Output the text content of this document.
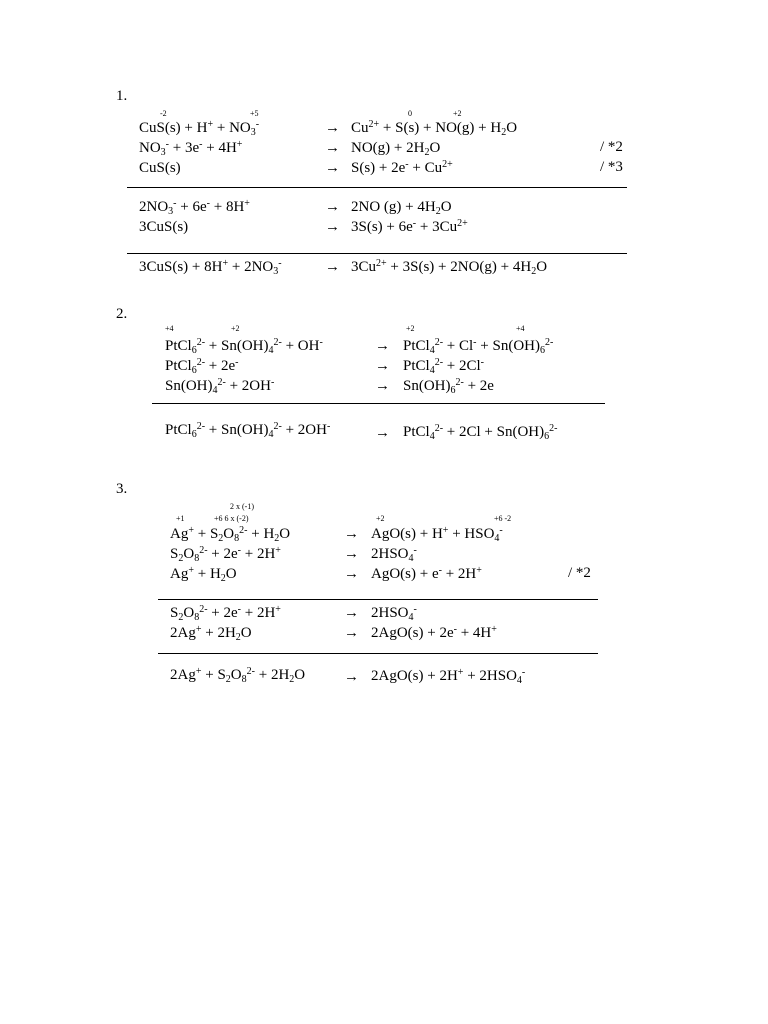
1.
-2	+5	0	+2
$CuS(s) + H^+ + NO_3^-$	→ $Cu^{2+} + S(s) + NO(g) + H_2O$
$NO_3^- + 3e^- + 4H^+$	→ $NO(g) + 2H_2O$	/ *2
CuS(s)	→ $S(s) + 2e^- + Cu^{2+}$	/ *3
$2NO_3^- + 6e^- + 8H^+$	→ 2NO $(g) + 4H_2O$
3CuS(s)	→ $3S(s) + 6e^- + 3Cu^{2+}$
$3CuS(s) + 8H^+ + 2NO_3^-$	→ $3Cu^{2+} + 3S(s) + 2NO(g) + 4H_2O$
2.
+4	+2	+2	+4
PtCl$_6^{2-}$ + $Sn(OH)_4^{2-} + OH^-$	→ PtCl$_4^{2-}$ + $Cl^- + Sn(OH)_6^{2-}$
PtCl$_6^{2-}$ + 2e-	→ PtCl$_4^{2-}$ + 2Cl-
$Sn(OH)_4^{2-} + 2OH^-$	→ $Sn(OH)_6^{2-} + 2e$
PtCl$_6^{2-}$ + $Sn(OH)_4^{2-} + 2OH^-$	→ PtCl$_4^{2-}$ + $2Cl + Sn(OH)_6^{2-}$
3.
2 x (-1)
+1	+6 6 x (-2)	+2	+6 -2
$Ag^+ + S_2O_8^{2-} + H_2O$	→ $AgO(s) + H^+ + HSO_4^-$
$S_2O_8^{2-} + 2e^- + 2H^+$	→ $2HSO_4^-$
$Ag^+ + H_2O$	→ AgO(s) + e- + 2H+	/ *2
$S_2O_8^{2-} + 2e^- + 2H^+$	→ $2HSO_4^-$
$2Ag^+ + 2H_2O$	→ 2AgO(s) + 2e- + 4H+
$2Ag^+ + S_2O_8^{2-} + 2H_2O$	→ $2AgO(s) + 2H^+ + 2HSO_4^-$
